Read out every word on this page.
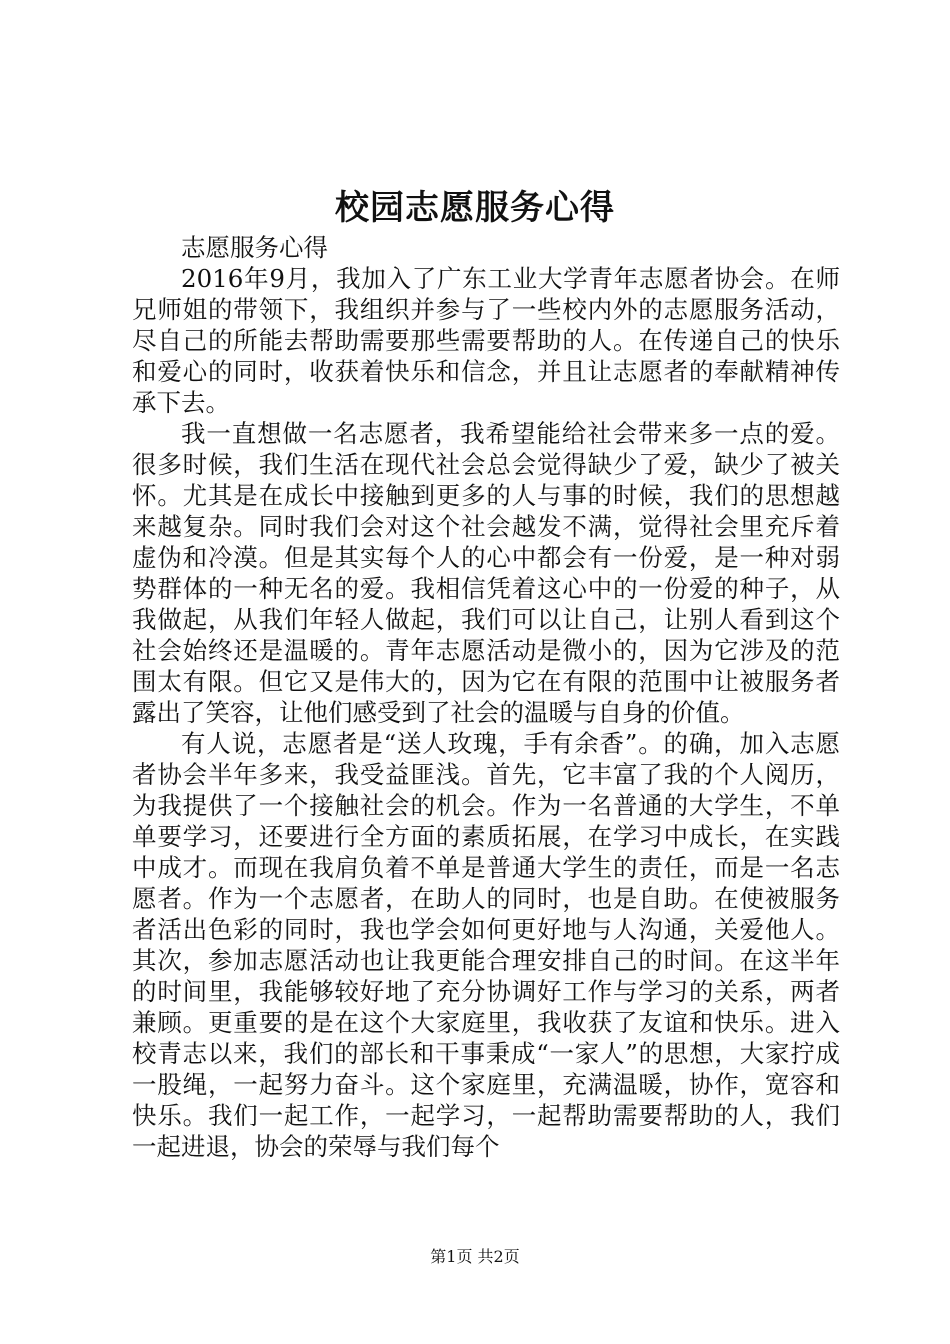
校园志愿服务心得

志愿服务心得

2016年9月，我加入了广东工业大学青年志愿者协会。在师兄师姐的带领下，我组织并参与了一些校内外的志愿服务活动，尽自己的所能去帮助需要那些需要帮助的人。在传递自己的快乐和爱心的同时，收获着快乐和信念，并且让志愿者的奉献精神传承下去。

我一直想做一名志愿者，我希望能给社会带来多一点的爱。很多时候，我们生活在现代社会总会觉得缺少了爱，缺少了被关怀。尤其是在成长中接触到更多的人与事的时候，我们的思想越来越复杂。同时我们会对这个社会越发不满，觉得社会里充斥着虚伪和冷漠。但是其实每个人的心中都会有一份爱，是一种对弱势群体的一种无名的爱。我相信凭着这心中的一份爱的种子，从我做起，从我们年轻人做起，我们可以让自己，让别人看到这个社会始终还是温暖的。青年志愿活动是微小的，因为它涉及的范围太有限。但它又是伟大的，因为它在有限的范围中让被服务者露出了笑容，让他们感受到了社会的温暖与自身的价值。

有人说，志愿者是“送人玫瑰，手有余香”。的确，加入志愿者协会半年多来，我受益匪浅。首先，它丰富了我的个人阅历，为我提供了一个接触社会的机会。作为一名普通的大学生，不单单要学习，还要进行全方面的素质拓展，在学习中成长，在实践中成才。而现在我肩负着不单是普通大学生的责任，而是一名志愿者。作为一个志愿者，在助人的同时，也是自助。在使被服务者活出色彩的同时，我也学会如何更好地与人沟通，关爱他人。其次，参加志愿活动也让我更能合理安排自己的时间。在这半年的时间里，我能够较好地了充分协调好工作与学习的关系，两者兼顾。更重要的是在这个大家庭里，我收获了友谊和快乐。进入校青志以来，我们的部长和干事秉成“一家人”的思想，大家拧成一股绳，一起努力奋斗。这个家庭里，充满温暖，协作，宽容和快乐。我们一起工作，一起学习，一起帮助需要帮助的人，我们一起进退，协会的荣辱与我们每个

第1页 共2页
